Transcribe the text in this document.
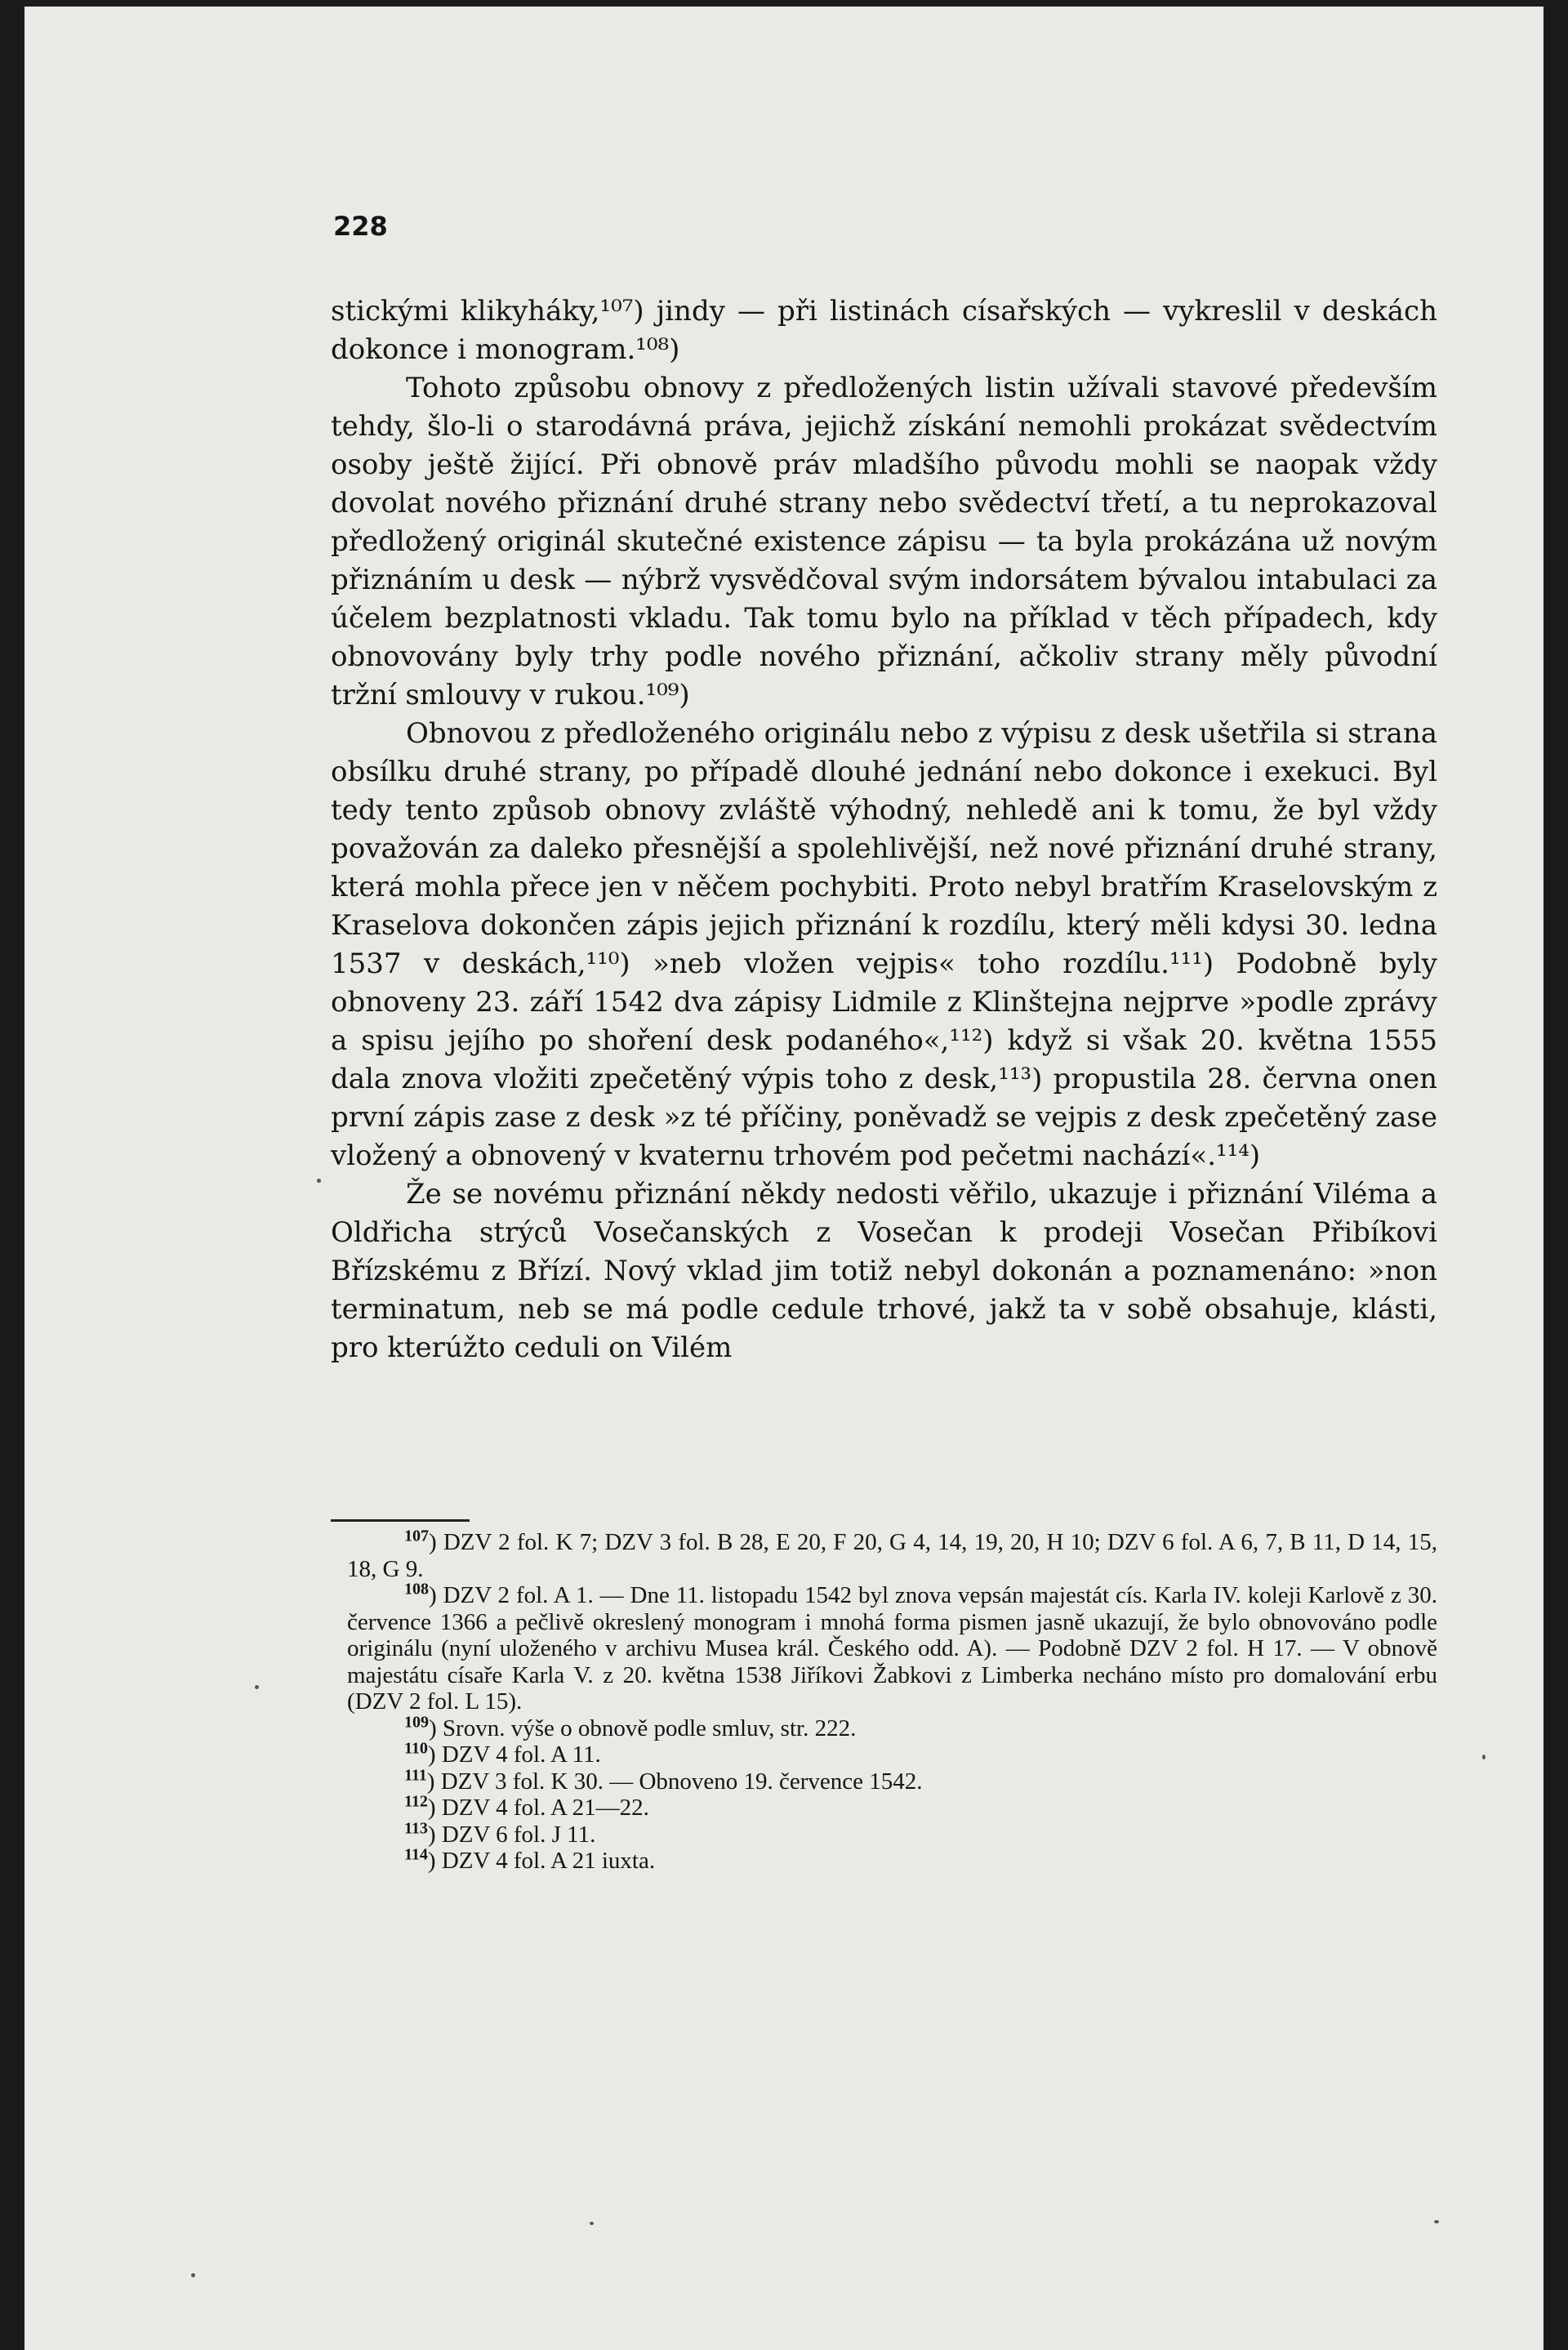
228

stickými klikyháky,¹⁰⁷) jindy — při listinách císařských — vykreslil v deskách dokonce i monogram.¹⁰⁸)

Tohoto způsobu obnovy z předložených listin užívali stavové především tehdy, šlo-li o starodávná práva, jejichž získání nemohli prokázat svědectvím osoby ještě žijící. Při obnově práv mladšího původu mohli se naopak vždy dovolat nového přiznání druhé strany nebo svědectví třetí, a tu neprokazoval předložený originál skutečné existence zápisu — ta byla prokázána už novým přiznáním u desk — nýbrž vysvědčoval svým indorsátem bývalou intabulaci za účelem bezplatnosti vkladu. Tak tomu bylo na příklad v těch případech, kdy obnovovány byly trhy podle nového přiznání, ačkoliv strany měly původní tržní smlouvy v rukou.¹⁰⁹)

Obnovou z předloženého originálu nebo z výpisu z desk ušetřila si strana obsílku druhé strany, po případě dlouhé jednání nebo dokonce i exekuci. Byl tedy tento způsob obnovy zvláště výhodný, nehledě ani k tomu, že byl vždy považován za daleko přesnější a spolehlivější, než nové přiznání druhé strany, která mohla přece jen v něčem pochybiti. Proto nebyl bratřím Kraselovským z Kraselova dokončen zápis jejich přiznání k rozdílu, který měli kdysi 30. ledna 1537 v deskách,¹¹⁰) »neb vložen vejpis« toho rozdílu.¹¹¹) Podobně byly obnoveny 23. září 1542 dva zápisy Lidmile z Klinštejna nejprve »podle zprávy a spisu jejího po shoření desk podaného«,¹¹²) když si však 20. května 1555 dala znova vložiti zpečetěný výpis toho z desk,¹¹³) propustila 28. června onen první zápis zase z desk »z té příčiny, poněvadž se vejpis z desk zpečetěný zase vložený a obnovený v kvaternu trhovém pod pečetmi nachází«.¹¹⁴)

Že se novému přiznání někdy nedosti věřilo, ukazuje i přiznání Viléma a Oldřicha strýců Vosečanských z Vosečan k prodeji Vosečan Přibíkovi Břízskému z Břízí. Nový vklad jim totiž nebyl dokonán a poznamenáno: »non terminatum, neb se má podle cedule trhové, jakž ta v sobě obsahuje, klásti, pro kterúžto ceduli on Vilém

$^{107}$) DZV 2 fol. K 7; DZV 3 fol. B 28, E 20, F 20, G 4, 14, 19, 20, H 10; DZV 6 fol. A 6, 7, B 11, D 14, 15, 18, G 9.

$^{108}$) DZV 2 fol. A 1. — Dne 11. listopadu 1542 byl znova vepsán majestát cís. Karla IV. koleji Karlově z 30. července 1366 a pečlivě okreslený monogram i mnohá forma pismen jasně ukazují, že bylo obnovováno podle originálu (nyní uloženého v archivu Musea král. Českého odd. A). — Podobně DZV 2 fol. H 17. — V obnově majestátu císaře Karla V. z 20. května 1538 Jiříkovi Žabkovi z Limberka necháno místo pro domalování erbu (DZV 2 fol. L 15).

$^{109}$) Srovn. výše o obnově podle smluv, str. 222.

$^{110}$) DZV 4 fol. A 11.

$^{111}$) DZV 3 fol. K 30. — Obnoveno 19. července 1542.

$^{112}$) DZV 4 fol. A 21—22.

$^{113}$) DZV 6 fol. J 11.

$^{114}$) DZV 4 fol. A 21 iuxta.
